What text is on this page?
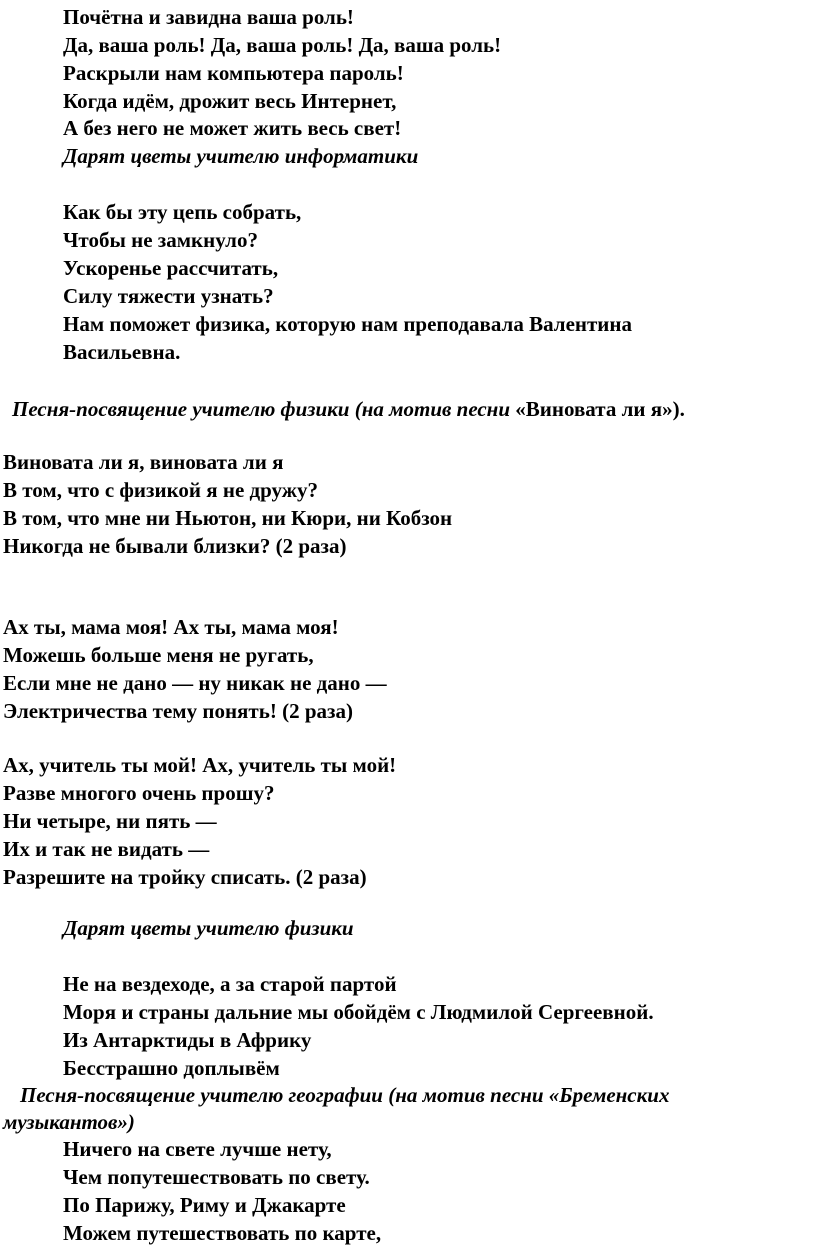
Почётна и завидна ваша роль!
Да, ваша роль! Да, ваша роль! Да, ваша роль!
Раскрыли нам компьютера пароль!
Когда идём, дрожит весь Интернет,
А без него не может жить весь свет!
Дарят цветы учителю информатики
Как бы эту цепь собрать,
Чтобы не замкнуло?
Ускоренье рассчитать,
Силу тяжести узнать?
Нам поможет физика, которую нам преподавала Валентина
Васильевна.
Песня-посвящение учителю физики (на мотив песни «Виновата ли я»).
Виновата ли я, виновата ли я
В том, что с физикой я не дружу?
В том, что мне ни Ньютон, ни Кюри, ни Кобзон
Никогда не бывали близки? (2 раза)
Ах ты, мама моя! Ах ты, мама моя!
Можешь больше меня не ругать,
Если мне не дано — ну никак не дано —
Электричества тему понять! (2 раза)
Ах, учитель ты мой! Ах, учитель ты мой!
Разве многого очень прошу?
Ни четыре, ни пять —
Их и так не видать —
Разрешите на тройку списать. (2 раза)
Дарят цветы учителю физики
Не на вездеходе, а за старой партой
Моря и страны дальние мы обойдём с Людмилой Сергеевной.
Из Антарктиды в Африку
Бесстрашно доплывём
Песня-посвящение учителю географии (на мотив песни «Бременских
музыкантов»)
Ничего на свете лучше нету,
Чем попутешествовать по свету.
По Парижу, Риму и Джакарте
Можем путешествовать по карте,
